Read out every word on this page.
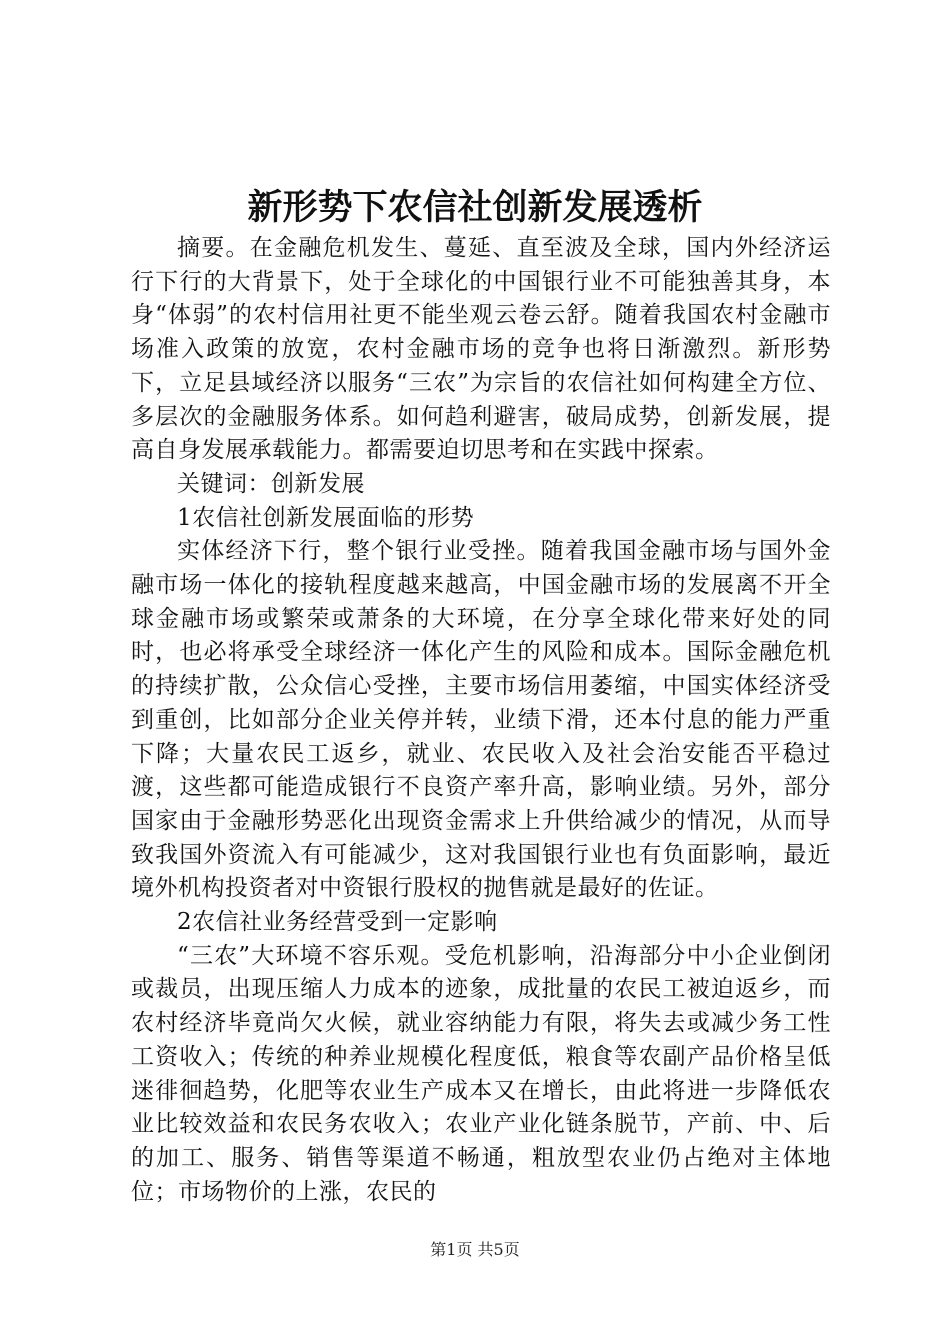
新形势下农信社创新发展透析

摘要。在金融危机发生、蔓延、直至波及全球，国内外经济运行下行的大背景下，处于全球化的中国银行业不可能独善其身，本身“体弱”的农村信用社更不能坐观云卷云舒。随着我国农村金融市场准入政策的放宽，农村金融市场的竞争也将日渐激烈。新形势下，立足县域经济以服务“三农”为宗旨的农信社如何构建全方位、多层次的金融服务体系。如何趋利避害，破局成势，创新发展，提高自身发展承载能力。都需要迫切思考和在实践中探索。

关键词：创新发展

1农信社创新发展面临的形势

实体经济下行，整个银行业受挫。随着我国金融市场与国外金融市场一体化的接轨程度越来越高，中国金融市场的发展离不开全球金融市场或繁荣或萧条的大环境，在分享全球化带来好处的同时，也必将承受全球经济一体化产生的风险和成本。国际金融危机的持续扩散，公众信心受挫，主要市场信用萎缩，中国实体经济受到重创，比如部分企业关停并转，业绩下滑，还本付息的能力严重下降；大量农民工返乡，就业、农民收入及社会治安能否平稳过渡，这些都可能造成银行不良资产率升高，影响业绩。另外，部分国家由于金融形势恶化出现资金需求上升供给减少的情况，从而导致我国外资流入有可能减少，这对我国银行业也有负面影响，最近境外机构投资者对中资银行股权的抛售就是最好的佐证。

2农信社业务经营受到一定影响

“三农”大环境不容乐观。受危机影响，沿海部分中小企业倒闭或裁员，出现压缩人力成本的迹象，成批量的农民工被迫返乡，而农村经济毕竟尚欠火候，就业容纳能力有限，将失去或减少务工性工资收入；传统的种养业规模化程度低，粮食等农副产品价格呈低迷徘徊趋势，化肥等农业生产成本又在增长，由此将进一步降低农业比较效益和农民务农收入；农业产业化链条脱节，产前、中、后的加工、服务、销售等渠道不畅通，粗放型农业仍占绝对主体地位；市场物价的上涨，农民的

第1页 共5页
